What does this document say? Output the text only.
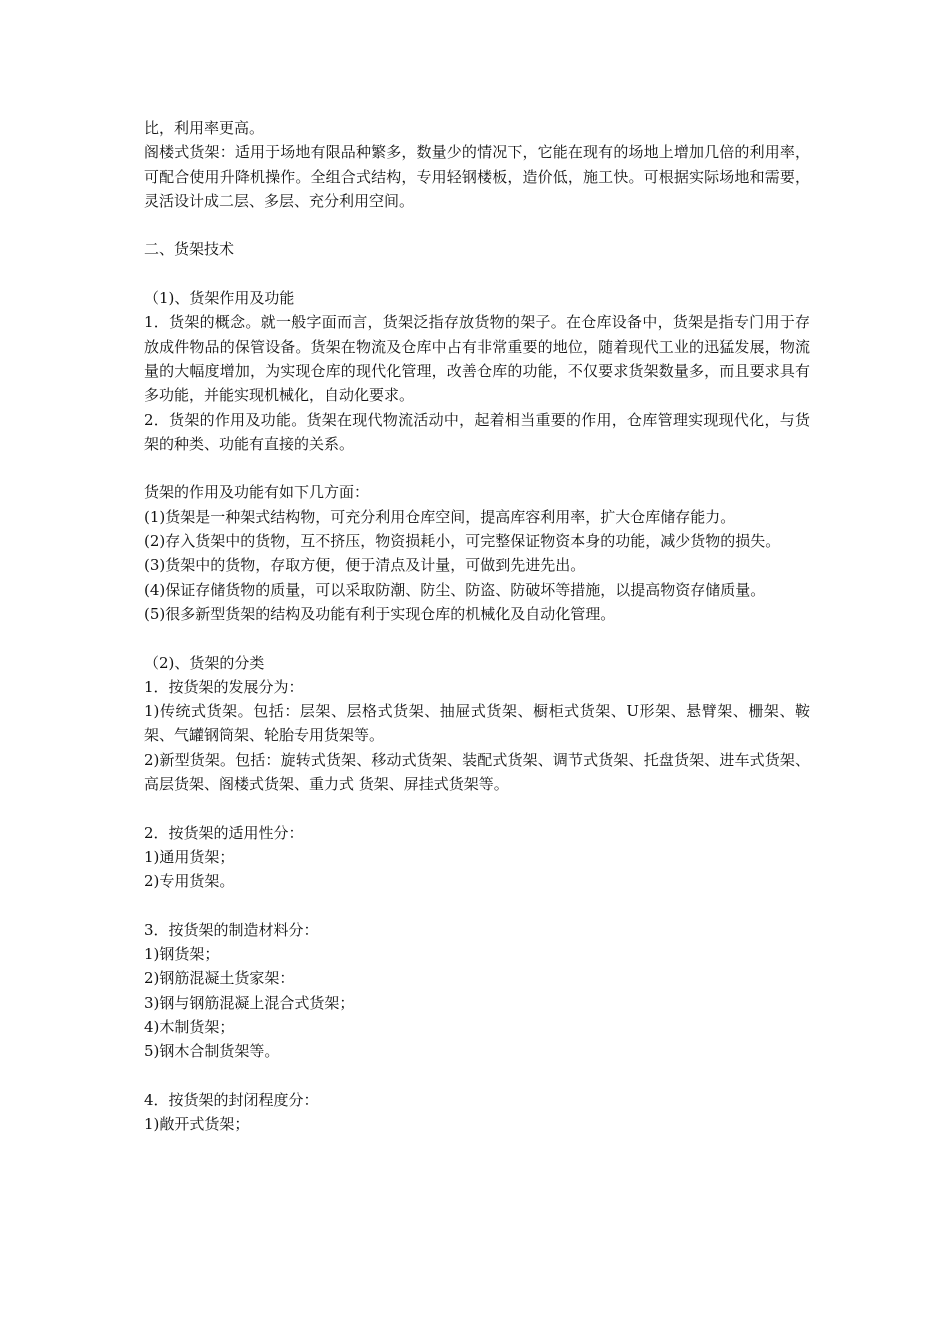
比，利用率更高。

阁楼式货架：适用于场地有限品种繁多，数量少的情况下，它能在现有的场地上增加几倍的利用率，可配合使用升降机操作。全组合式结构，专用轻钢楼板，造价低，施工快。可根据实际场地和需要，灵活设计成二层、多层、充分利用空间。

二、货架技术

（1)、货架作用及功能

1．货架的概念。就一般字面而言，货架泛指存放货物的架子。在仓库设备中，货架是指专门用于存放成件物品的保管设备。货架在物流及仓库中占有非常重要的地位，随着现代工业的迅猛发展，物流量的大幅度增加，为实现仓库的现代化管理，改善仓库的功能，不仅要求货架数量多，而且要求具有多功能，并能实现机械化，自动化要求。

2．货架的作用及功能。货架在现代物流活动中，起着相当重要的作用，仓库管理实现现代化，与货架的种类、功能有直接的关系。

货架的作用及功能有如下几方面：

(1)货架是一种架式结构物，可充分利用仓库空间，提高库容利用率，扩大仓库储存能力。

(2)存入货架中的货物，互不挤压，物资损耗小，可完整保证物资本身的功能，减少货物的损失。

(3)货架中的货物，存取方便，便于清点及计量，可做到先进先出。

(4)保证存储货物的质量，可以采取防潮、防尘、防盗、防破坏等措施，以提高物资存储质量。

(5)很多新型货架的结构及功能有利于实现仓库的机械化及自动化管理。

（2)、货架的分类

1．按货架的发展分为：

1)传统式货架。包括：层架、层格式货架、抽屉式货架、橱柜式货架、U形架、悬臂架、栅架、鞍架、气罐钢筒架、轮胎专用货架等。

2)新型货架。包括：旋转式货架、移动式货架、装配式货架、调节式货架、托盘货架、进车式货架、高层货架、阁楼式货架、重力式 货架、屏挂式货架等。

2．按货架的适用性分：

1)通用货架；

2)专用货架。

3．按货架的制造材料分：

1)钢货架；

2)钢筋混凝土货家架：

3)钢与钢筋混凝上混合式货架；

4)木制货架；

5)钢木合制货架等。

4．按货架的封闭程度分：

1)敞开式货架；
